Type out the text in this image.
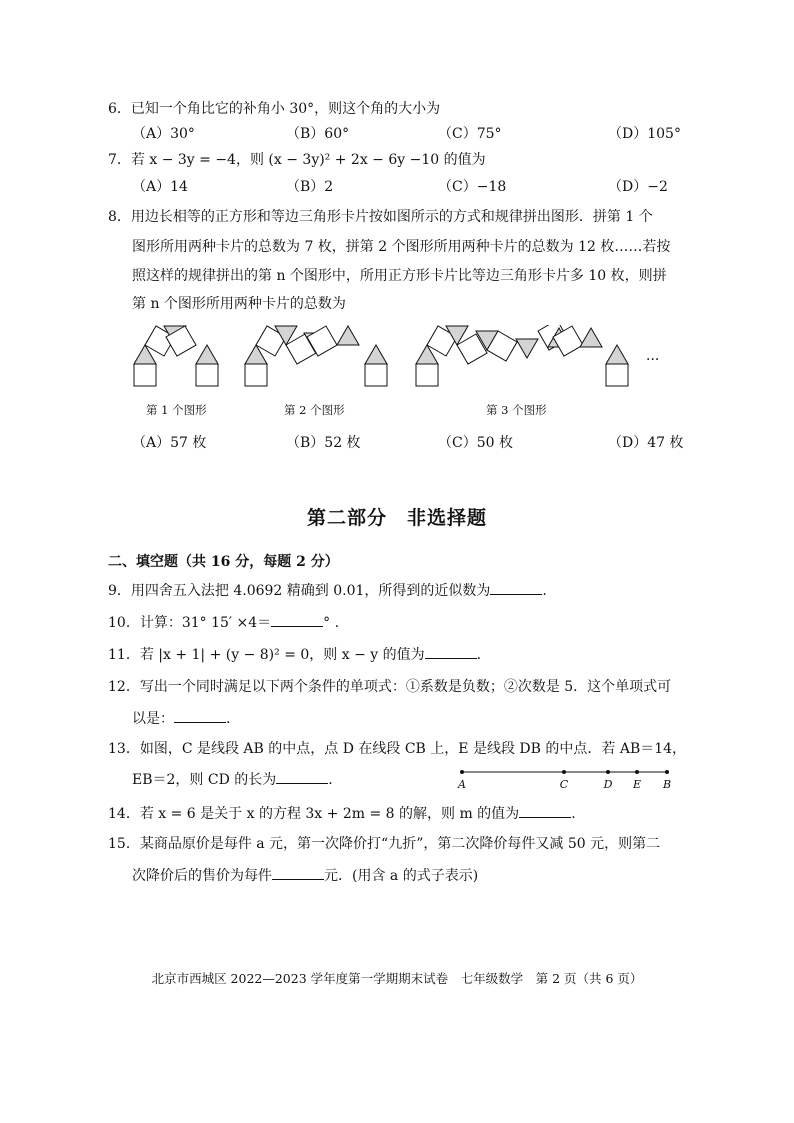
6．已知一个角比它的补角小 30°，则这个角的大小为
（A）30°	（B）60°	（C）75°	（D）105°
7．若 x − 3y = −4，则 (x − 3y)² + 2x − 6y −10 的值为
（A）14	（B）2	（C）−18	（D）−2
8．用边长相等的正方形和等边三角形卡片按如图所示的方式和规律拼出图形．拼第 1 个
图形所用两种卡片的总数为 7 枚，拼第 2 个图形所用两种卡片的总数为 12 枚……若按
照这样的规律拼出的第 n 个图形中，所用正方形卡片比等边三角形卡片多 10 枚，则拼
第 n 个图形所用两种卡片的总数为
···
第 1 个图形	第 2 个图形	第 3 个图形
（A）57 枚	（B）52 枚	（C）50 枚	（D）47 枚
第二部分　非选择题
二、填空题（共 16 分，每题 2 分）
9．用四舍五入法把 4.0692 精确到 0.01，所得到的近似数为	.
10．计算：31° 15′ ×4＝	° .
11．若 |x + 1| + (y − 8)² = 0，则 x − y 的值为	.
12．写出一个同时满足以下两个条件的单项式：①系数是负数；②次数是 5．这个单项式可
以是：	.
13．如图，C 是线段 AB 的中点，点 D 在线段 CB 上，E 是线段 DB 的中点．若 AB＝14，
EB＝2，则 CD 的长为	.	A	C	D E B
14．若 x = 6 是关于 x 的方程 3x + 2m = 8 的解，则 m 的值为	.
15．某商品原价是每件 a 元，第一次降价打“九折”，第二次降价每件又减 50 元，则第二
次降价后的售价为每件	元．(用含 a 的式子表示)
北京市西城区 2022—2023 学年度第一学期期末试卷　七年级数学　第 2 页（共 6 页）
